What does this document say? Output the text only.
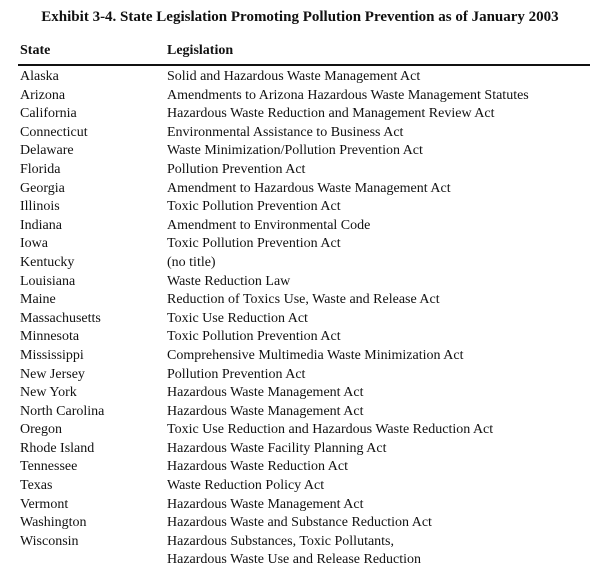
Exhibit 3-4. State Legislation Promoting Pollution Prevention as of January 2003
State	Legislation
Alaska	Solid and Hazardous Waste Management Act
Arizona	Amendments to Arizona Hazardous Waste Management Statutes
California	Hazardous Waste Reduction and Management Review Act
Connecticut	Environmental Assistance to Business Act
Delaware	Waste Minimization/Pollution Prevention Act
Florida	Pollution Prevention Act
Georgia	Amendment to Hazardous Waste Management Act
Illinois	Toxic Pollution Prevention Act
Indiana	Amendment to Environmental Code
Iowa	Toxic Pollution Prevention Act
Kentucky	(no title)
Louisiana	Waste Reduction Law
Maine	Reduction of Toxics Use, Waste and Release Act
Massachusetts	Toxic Use Reduction Act
Minnesota	Toxic Pollution Prevention Act
Mississippi	Comprehensive Multimedia Waste Minimization Act
New Jersey	Pollution Prevention Act
New York	Hazardous Waste Management Act
North Carolina	Hazardous Waste Management Act
Oregon	Toxic Use Reduction and Hazardous Waste Reduction Act
Rhode Island	Hazardous Waste Facility Planning Act
Tennessee	Hazardous Waste Reduction Act
Texas	Waste Reduction Policy Act
Vermont	Hazardous Waste Management Act
Washington	Hazardous Waste and Substance Reduction Act
Wisconsin	Hazardous Substances, Toxic Pollutants,
Hazardous Waste Use and Release Reduction
